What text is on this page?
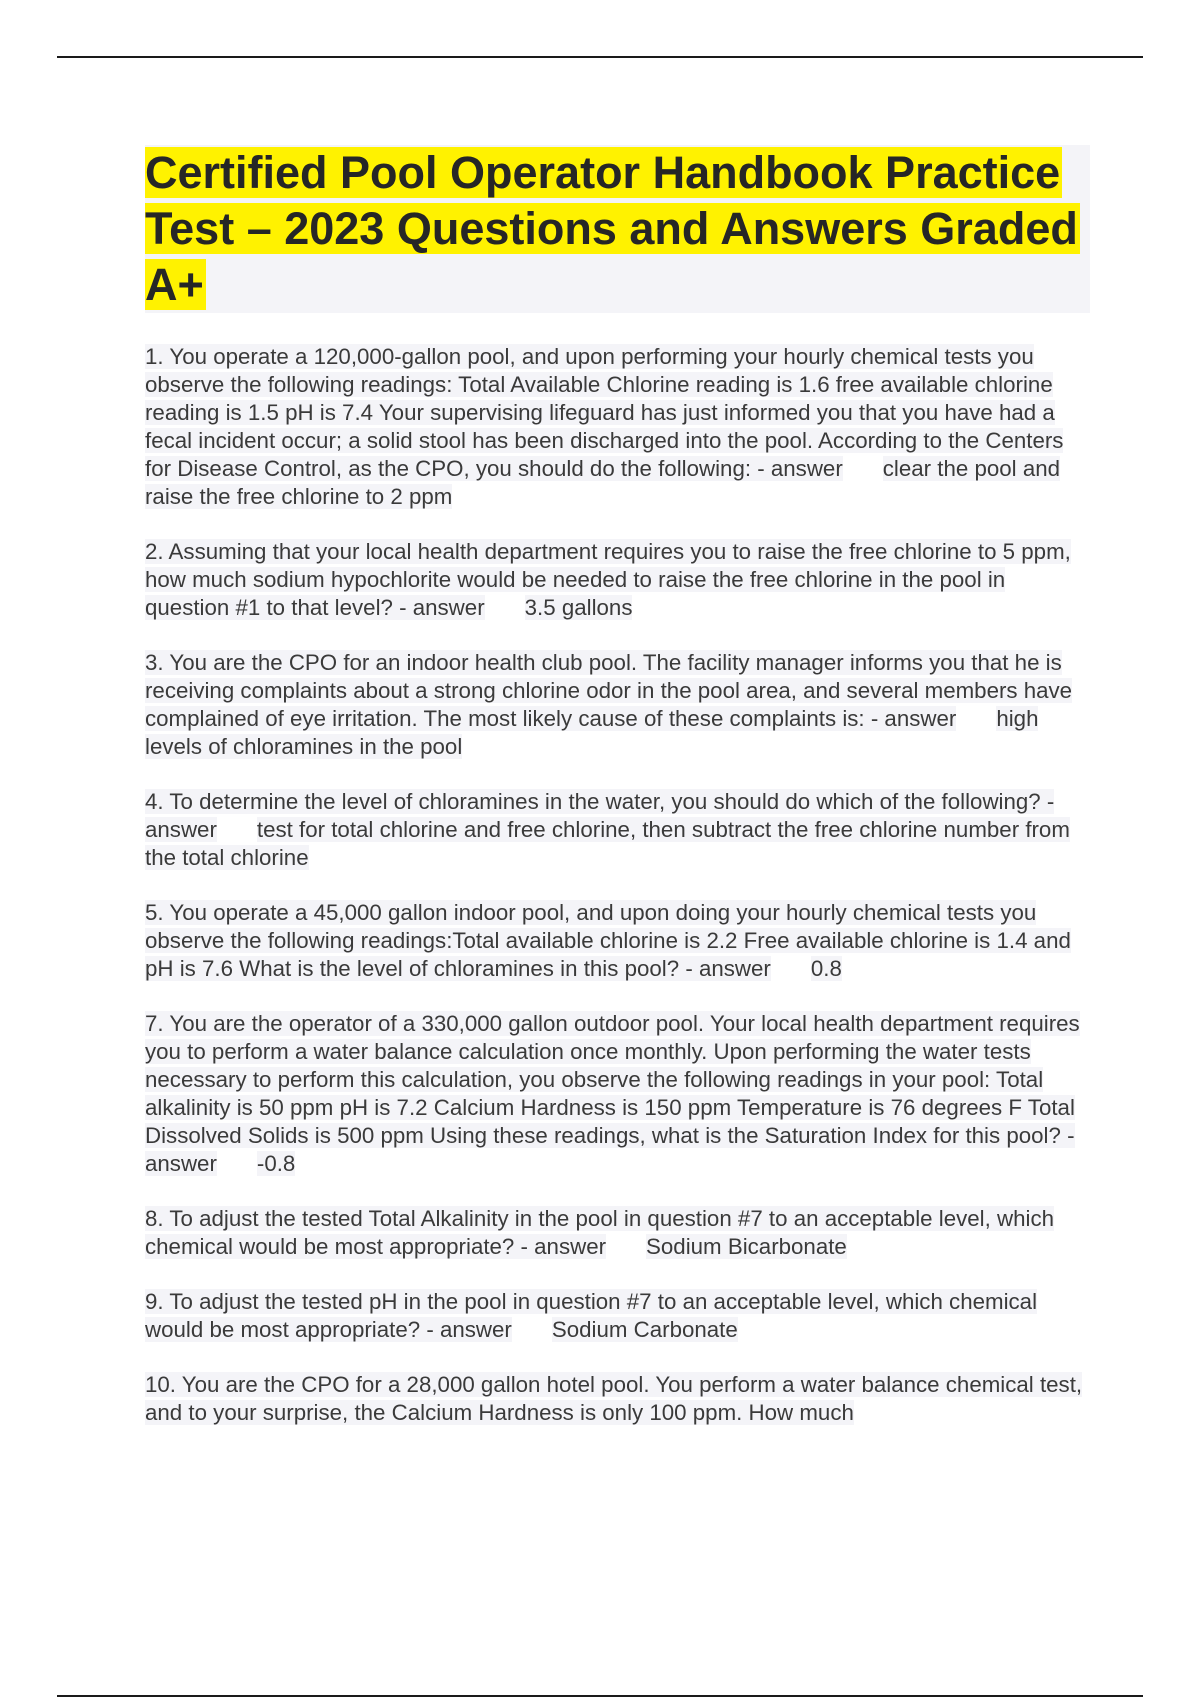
Certified Pool Operator Handbook Practice Test – 2023 Questions and Answers Graded A+

1. You operate a 120,000-gallon pool, and upon performing your hourly chemical tests you observe the following readings: Total Available Chlorine reading is 1.6 free available chlorine reading is 1.5 pH is 7.4 Your supervising lifeguard has just informed you that you have had a fecal incident occur; a solid stool has been discharged into the pool. According to the Centers for Disease Control, as the CPO, you should do the following: - answer clear the pool and raise the free chlorine to 2 ppm

2. Assuming that your local health department requires you to raise the free chlorine to 5 ppm, how much sodium hypochlorite would be needed to raise the free chlorine in the pool in question #1 to that level? - answer 3.5 gallons

3. You are the CPO for an indoor health club pool. The facility manager informs you that he is receiving complaints about a strong chlorine odor in the pool area, and several members have complained of eye irritation. The most likely cause of these complaints is: - answer high levels of chloramines in the pool

4. To determine the level of chloramines in the water, you should do which of the following? - answer test for total chlorine and free chlorine, then subtract the free chlorine number from the total chlorine

5. You operate a 45,000 gallon indoor pool, and upon doing your hourly chemical tests you observe the following readings:Total available chlorine is 2.2 Free available chlorine is 1.4 and pH is 7.6 What is the level of chloramines in this pool? - answer 0.8

7. You are the operator of a 330,000 gallon outdoor pool. Your local health department requires you to perform a water balance calculation once monthly. Upon performing the water tests necessary to perform this calculation, you observe the following readings in your pool: Total alkalinity is 50 ppm pH is 7.2 Calcium Hardness is 150 ppm Temperature is 76 degrees F Total Dissolved Solids is 500 ppm Using these readings, what is the Saturation Index for this pool? - answer -0.8

8. To adjust the tested Total Alkalinity in the pool in question #7 to an acceptable level, which chemical would be most appropriate? - answer Sodium Bicarbonate

9. To adjust the tested pH in the pool in question #7 to an acceptable level, which chemical would be most appropriate? - answer Sodium Carbonate

10. You are the CPO for a 28,000 gallon hotel pool. You perform a water balance chemical test, and to your surprise, the Calcium Hardness is only 100 ppm. How much
